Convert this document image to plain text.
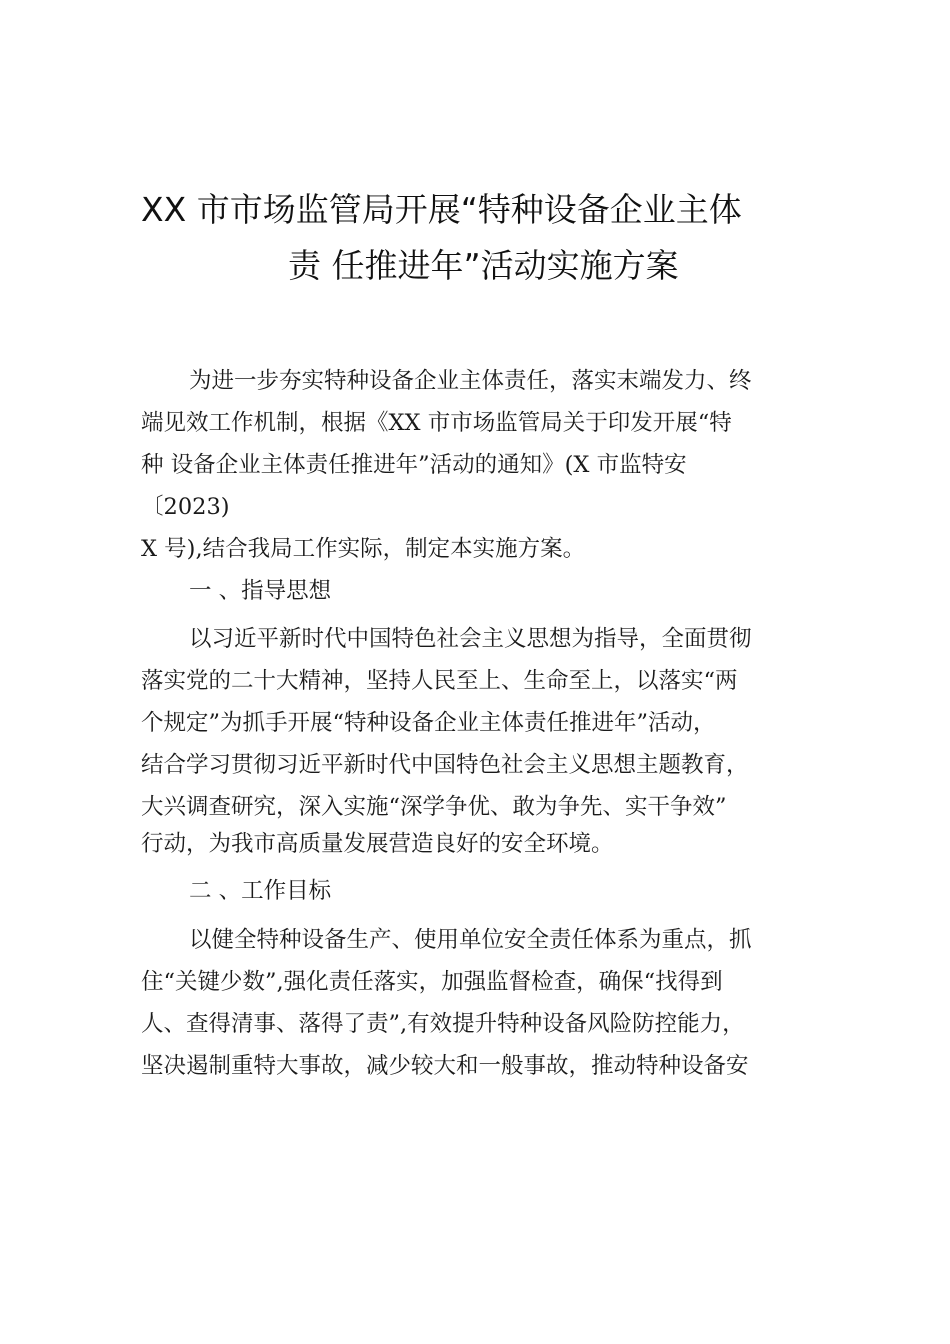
XX 市市场监管局开展“特种设备企业主体
责 任推进年”活动实施方案
为进一步夯实特种设备企业主体责任，落实末端发力、终
端见效工作机制，根据《XX 市市场监管局关于印发开展“特
种 设备企业主体责任推进年”活动的通知》(X 市监特安
〔2023)
X 号),结合我局工作实际，制定本实施方案。
一 、指导思想
以习近平新时代中国特色社会主义思想为指导，全面贯彻
落实党的二十大精神，坚持人民至上、生命至上，以落实“两
个规定”为抓手开展“特种设备企业主体责任推进年”活动，
结合学习贯彻习近平新时代中国特色社会主义思想主题教育，
大兴调查研究，深入实施“深学争优、敢为争先、实干争效”
行动，为我市高质量发展营造良好的安全环境。
二 、工作目标
以健全特种设备生产、使用单位安全责任体系为重点，抓
住“关键少数”,强化责任落实，加强监督检查，确保“找得到
人、查得清事、落得了责”,有效提升特种设备风险防控能力，
坚决遏制重特大事故，减少较大和一般事故，推动特种设备安
